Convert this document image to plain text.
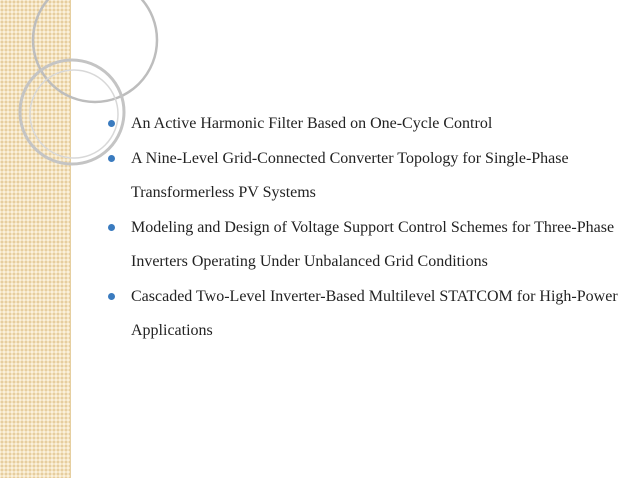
An Active Harmonic Filter Based on One-Cycle Control
A Nine-Level Grid-Connected Converter Topology for Single-Phase Transformerless PV Systems
Modeling and Design of Voltage Support Control Schemes for Three-Phase Inverters Operating Under Unbalanced Grid Conditions
Cascaded Two-Level Inverter-Based Multilevel STATCOM for High-Power Applications
